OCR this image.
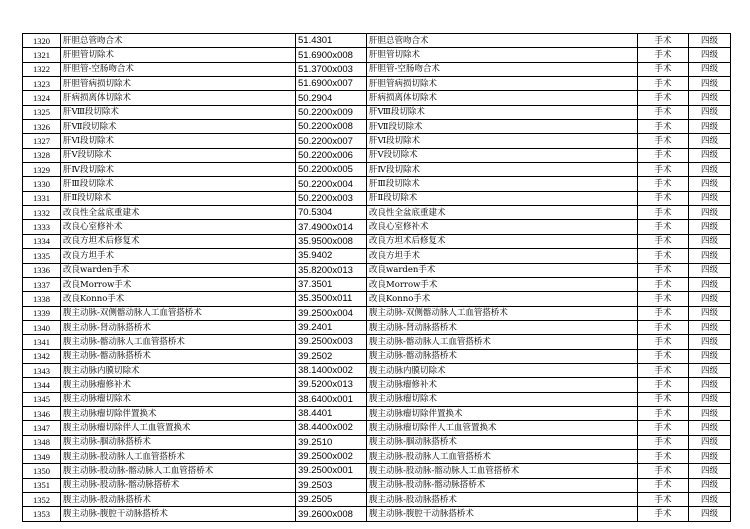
1320	肝胆总管吻合术	51.4301	肝胆总管吻合术	手术	四级
1321	肝胆管切除术	51.6900x008	肝胆管切除术	手术	四级
1322	肝胆管-空肠吻合术	51.3700x003	肝胆管-空肠吻合术	手术	四级
1323	肝胆管病损切除术	51.6900x007	肝胆管病损切除术	手术	四级
1324	肝病损离体切除术	50.2904	肝病损离体切除术	手术	四级
1325	肝Ⅷ段切除术	50.2200x009	肝Ⅷ段切除术	手术	四级
1326	肝Ⅶ段切除术	50.2200x008	肝Ⅶ段切除术	手术	四级
1327	肝Ⅵ段切除术	50.2200x007	肝Ⅵ段切除术	手术	四级
1328	肝Ⅴ段切除术	50.2200x006	肝Ⅴ段切除术	手术	四级
1329	肝Ⅳ段切除术	50.2200x005	肝Ⅳ段切除术	手术	四级
1330	肝Ⅲ段切除术	50.2200x004	肝Ⅲ段切除术	手术	四级
1331	肝Ⅱ段切除术	50.2200x003	肝Ⅱ段切除术	手术	四级
1332	改良性全盆底重建术	70.5304	改良性全盆底重建术	手术	四级
1333	改良心室修补术	37.4900x014	改良心室修补术	手术	四级
1334	改良方坦术后修复术	35.9500x008	改良方坦术后修复术	手术	四级
1335	改良方坦手术	35.9402	改良方坦手术	手术	四级
1336	改良warden手术	35.8200x013	改良warden手术	手术	四级
1337	改良Morrow手术	37.3501	改良Morrow手术	手术	四级
1338	改良Konno手术	35.3500x011	改良Konno手术	手术	四级
1339	腹主动脉-双侧髂动脉人工血管搭桥术	39.2500x004	腹主动脉-双侧髂动脉人工血管搭桥术	手术	四级
1340	腹主动脉-肾动脉搭桥术	39.2401	腹主动脉-肾动脉搭桥术	手术	四级
1341	腹主动脉-髂动脉人工血管搭桥术	39.2500x003	腹主动脉-髂动脉人工血管搭桥术	手术	四级
1342	腹主动脉-髂动脉搭桥术	39.2502	腹主动脉-髂动脉搭桥术	手术	四级
1343	腹主动脉内膜切除术	38.1400x002	腹主动脉内膜切除术	手术	四级
1344	腹主动脉瘤修补术	39.5200x013	腹主动脉瘤修补术	手术	四级
1345	腹主动脉瘤切除术	38.6400x001	腹主动脉瘤切除术	手术	四级
1346	腹主动脉瘤切除伴置换术	38.4401	腹主动脉瘤切除伴置换术	手术	四级
1347	腹主动脉瘤切除伴人工血管置换术	38.4400x002	腹主动脉瘤切除伴人工血管置换术	手术	四级
1348	腹主动脉-腘动脉搭桥术	39.2510	腹主动脉-腘动脉搭桥术	手术	四级
1349	腹主动脉-股动脉人工血管搭桥术	39.2500x002	腹主动脉-股动脉人工血管搭桥术	手术	四级
1350	腹主动脉-股动脉-髂动脉人工血管搭桥术	39.2500x001	腹主动脉-股动脉-髂动脉人工血管搭桥术	手术	四级
1351	腹主动脉-股动脉-髂动脉搭桥术	39.2503	腹主动脉-股动脉-髂动脉搭桥术	手术	四级
1352	腹主动脉-股动脉搭桥术	39.2505	腹主动脉-股动脉搭桥术	手术	四级
1353	腹主动脉-腹腔干动脉搭桥术	39.2600x008	腹主动脉-腹腔干动脉搭桥术	手术	四级
